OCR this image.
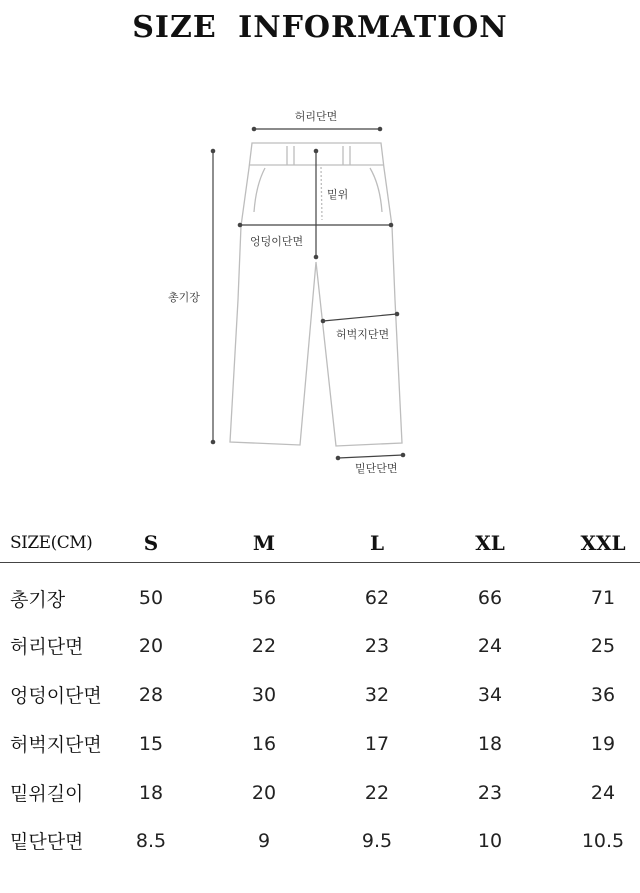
SIZE INFORMATION
허리단면
밑위
엉덩이단면
총기장
허벅지단면
밑단단면
SIZE(CM)	S	M	L	XL	XXL
총기장	50	56	62	66	71
허리단면	20	22	23	24	25
엉덩이단면 28	30	32	34	36
허벅지단면 15	16	17	18	19
밑위길이	18	20	22	23	24
밑단단면	8.5	9	9.5	10	10.5
